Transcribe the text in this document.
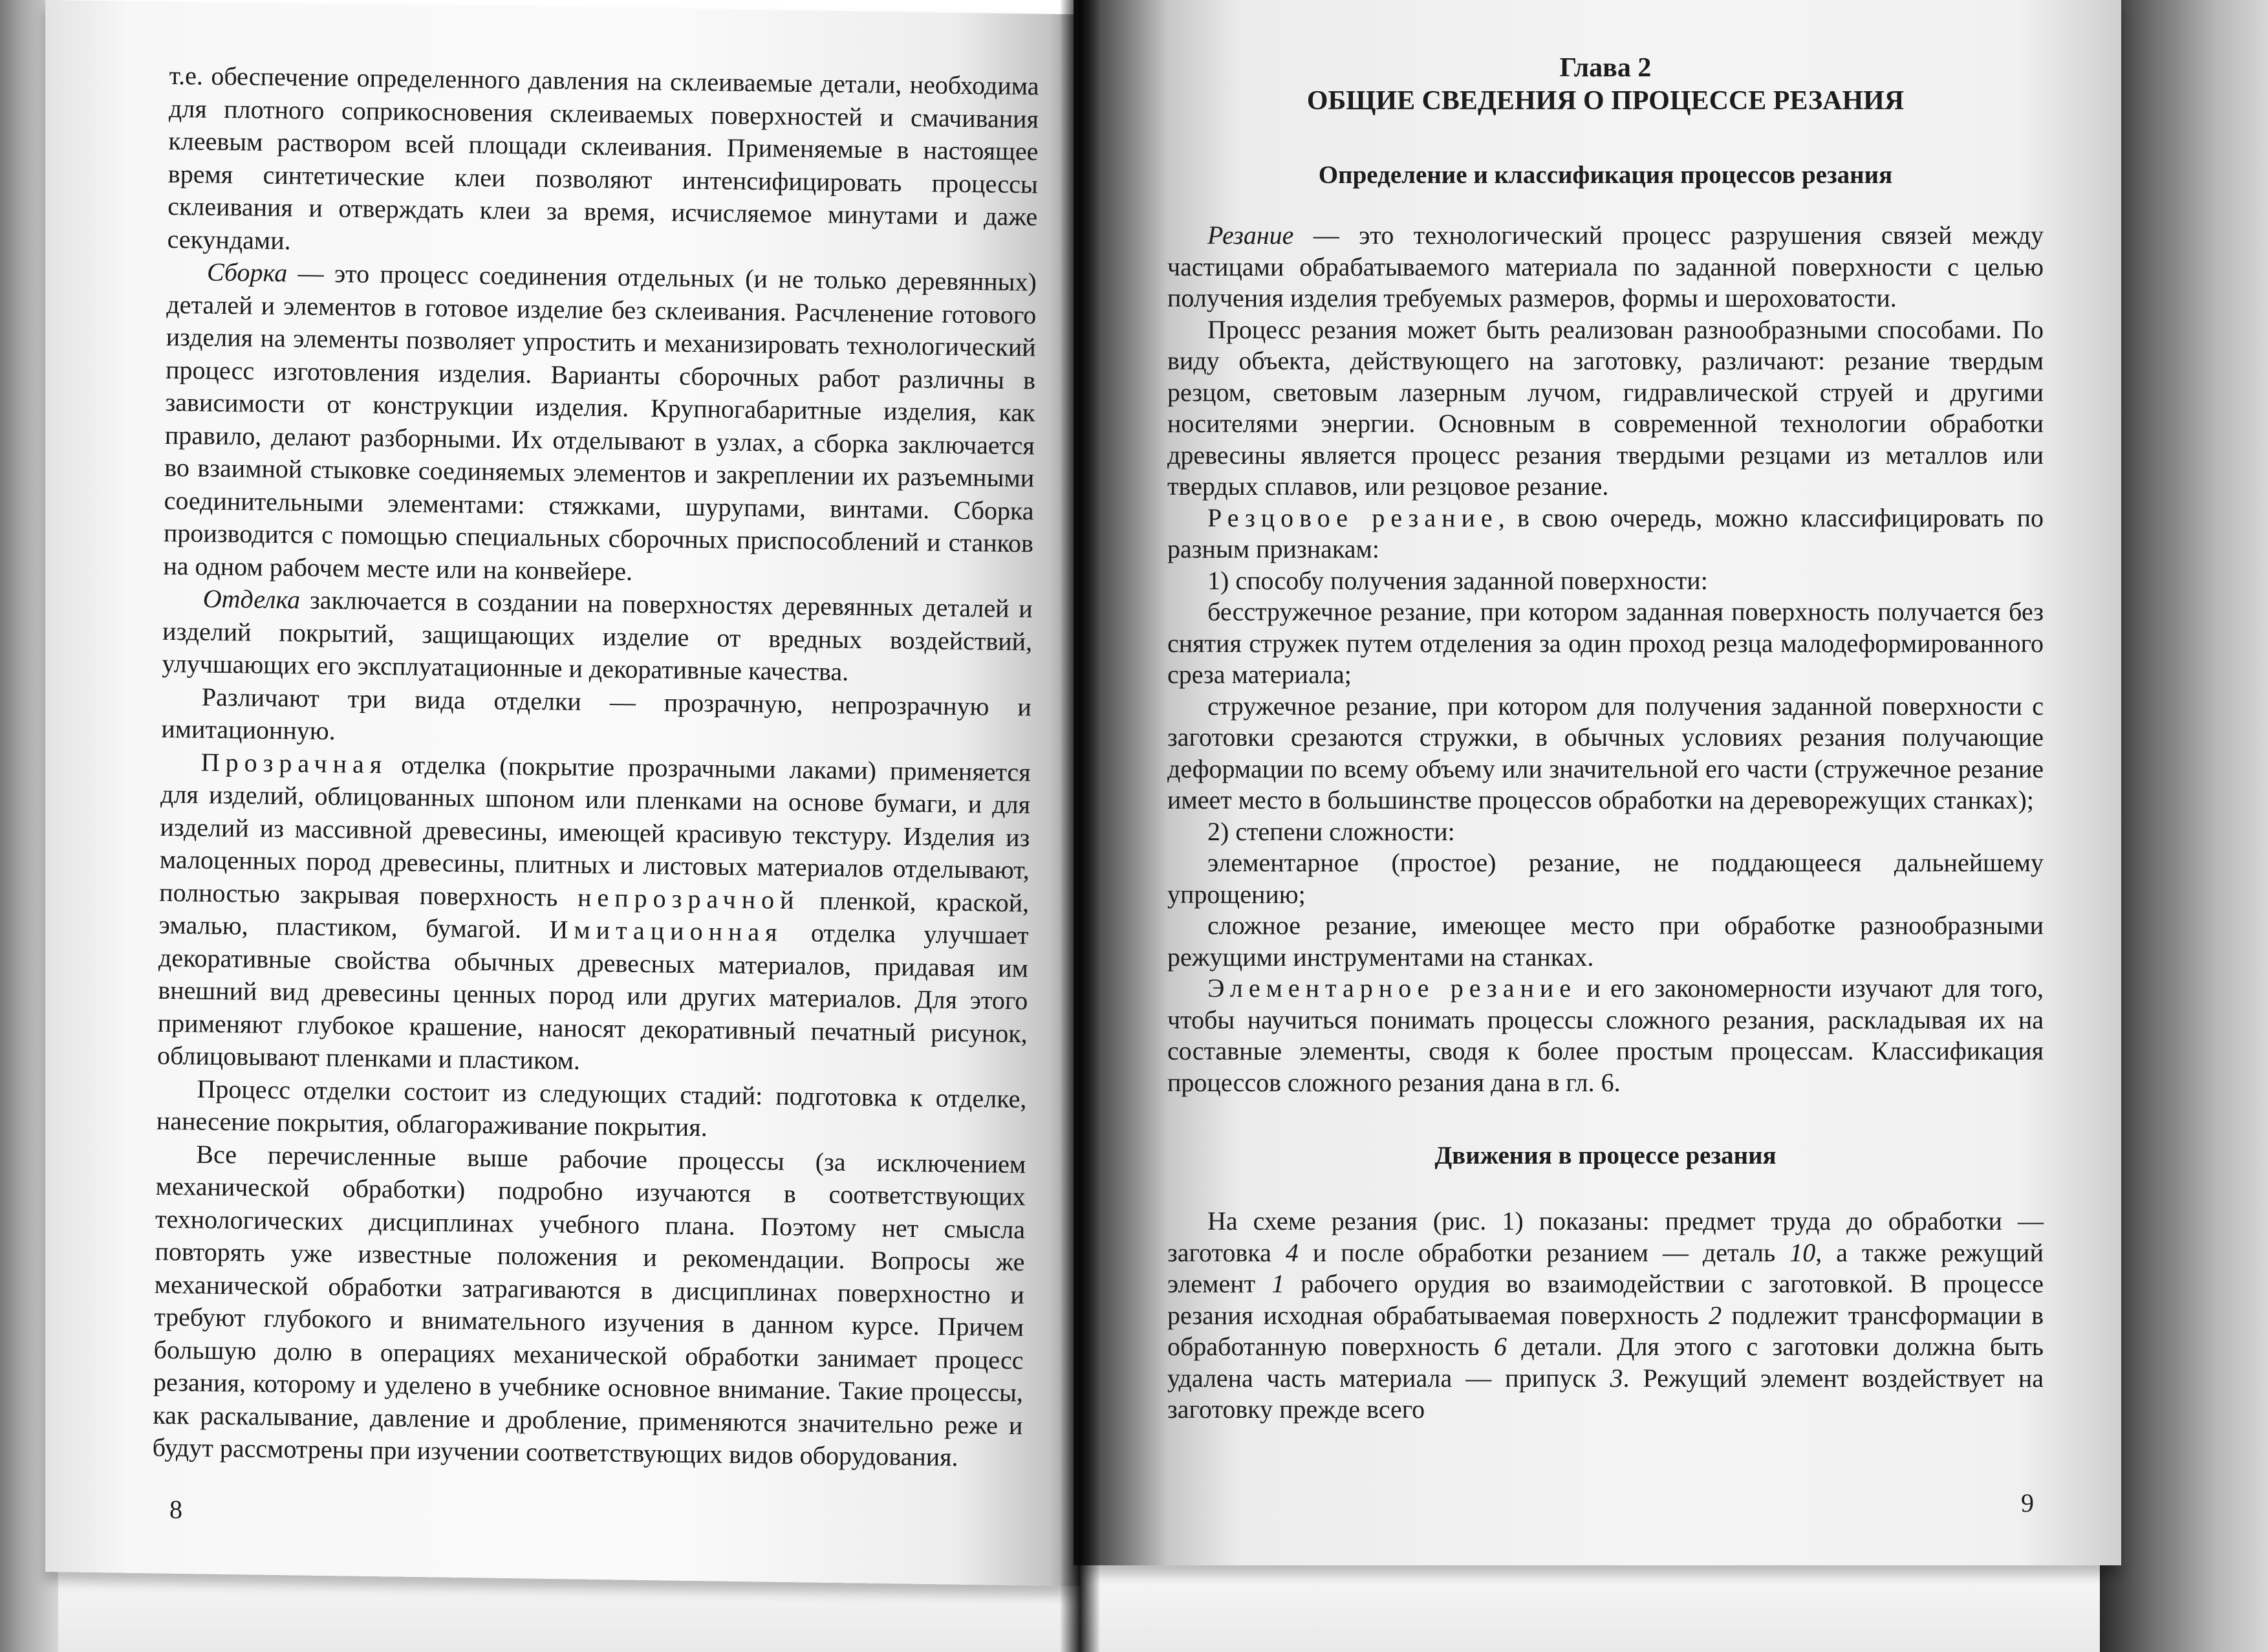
т.е. обеспечение определенного давления на склеиваемые детали, необходима для плотного соприкосновения склеиваемых поверхностей и смачивания клеевым раствором всей площади склеивания. Применяемые в настоящее время синтетические клеи позволяют интенсифицировать процессы склеивания и отверждать клеи за время, исчисляемое минутами и даже секундами.

Сборка — это процесс соединения отдельных (и не только деревянных) деталей и элементов в готовое изделие без склеивания. Расчленение готового изделия на элементы позволяет упростить и механизировать технологический процесс изготовления изделия. Варианты сборочных работ различны в зависимости от конструкции изделия. Крупногабаритные изделия, как правило, делают разборными. Их отделывают в узлах, а сборка заключается во взаимной стыковке соединяемых элементов и закреплении их разъемными соединительными элементами: стяжками, шурупами, винтами. Сборка производится с помощью специальных сборочных приспособлений и станков на одном рабочем месте или на конвейере.

Отделка заключается в создании на поверхностях деревянных деталей и изделий покрытий, защищающих изделие от вредных воздействий, улучшающих его эксплуатационные и декоративные качества.

Различают три вида отделки — прозрачную, непрозрачную и имитационную.

Прозрачная отделка (покрытие прозрачными лаками) применяется для изделий, облицованных шпоном или пленками на основе бумаги, и для изделий из массивной древесины, имеющей красивую текстуру. Изделия из малоценных пород древесины, плитных и листовых материалов отделывают, полностью закрывая поверхность непрозрачной пленкой, краской, эмалью, пластиком, бумагой. Имитационная отделка улучшает декоративные свойства обычных древесных материалов, придавая им внешний вид древесины ценных пород или других материалов. Для этого применяют глубокое крашение, наносят декоративный печатный рисунок, облицовывают пленками и пластиком.

Процесс отделки состоит из следующих стадий: подготовка к отделке, нанесение покрытия, облагораживание покрытия.

Все перечисленные выше рабочие процессы (за исключением механической обработки) подробно изучаются в соответствующих технологических дисциплинах учебного плана. Поэтому нет смысла повторять уже известные положения и рекомендации. Вопросы же механической обработки затрагиваются в дисциплинах поверхностно и требуют глубокого и внимательного изучения в данном курсе. Причем большую долю в операциях механической обработки занимает процесс резания, которому и уделено в учебнике основное внимание. Такие процессы, как раскалывание, давление и дробление, применяются значительно реже и будут рассмотрены при изучении соответствующих видов оборудования.

8

Глава 2

ОБЩИЕ СВЕДЕНИЯ О ПРОЦЕССЕ РЕЗАНИЯ

Определение и классификация процессов резания

Резание — это технологический процесс разрушения связей между частицами обрабатываемого материала по заданной поверхности с целью получения изделия требуемых размеров, формы и шероховатости.

Процесс резания может быть реализован разнообразными способами. По виду объекта, действующего на заготовку, различают: резание твердым резцом, световым лазерным лучом, гидравлической струей и другими носителями энергии. Основным в современной технологии обработки древесины является процесс резания твердыми резцами из металлов или твердых сплавов, или резцовое резание.

Резцовое резание, в свою очередь, можно классифицировать по разным признакам:

1) способу получения заданной поверхности:

бесстружечное резание, при котором заданная поверхность получается без снятия стружек путем отделения за один проход резца малодеформированного среза материала;

стружечное резание, при котором для получения заданной поверхности с заготовки срезаются стружки, в обычных условиях резания получающие деформации по всему объему или значительной его части (стружечное резание имеет место в большинстве процессов обработки на дереворежущих станках);

2) степени сложности:

элементарное (простое) резание, не поддающееся дальнейшему упрощению;

сложное резание, имеющее место при обработке разнообразными режущими инструментами на станках.

Элементарное резание и его закономерности изучают для того, чтобы научиться понимать процессы сложного резания, раскладывая их на составные элементы, сводя к более простым процессам. Классификация процессов сложного резания дана в гл. 6.

Движения в процессе резания

На схеме резания (рис. 1) показаны: предмет труда до обработки — заготовка 4 и после обработки резанием — деталь 10, а также режущий элемент 1 рабочего орудия во взаимодействии с заготовкой. В процессе резания исходная обрабатываемая поверхность 2 подлежит трансформации в обработанную поверхность 6 детали. Для этого с заготовки должна быть удалена часть материала — припуск 3. Режущий элемент воздействует на заготовку прежде всего

9
